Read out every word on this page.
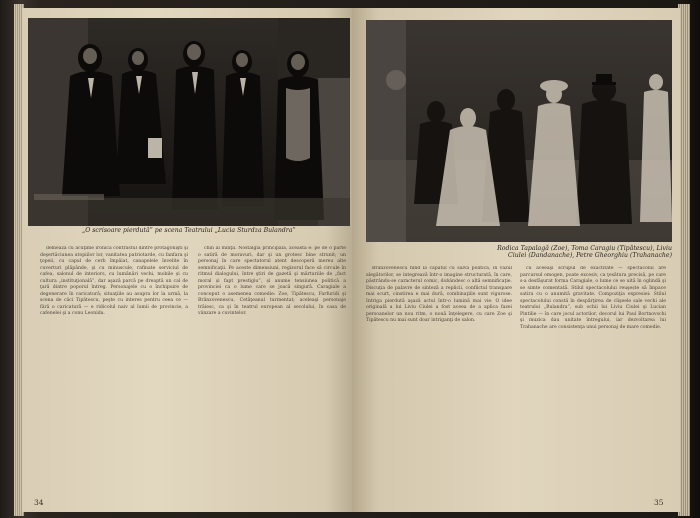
„O scrisoare pierdută” pe scena Teatrului „Lucia Sturdza Bulandra”

demează cu acuţime ironică contrastul dintre protagonişti şi deşertăciunea utopiilor lor, vanitatea patriotarde, cu fanfara şi ţopeii, cu capul de cerb împăiat, canapelele învelite în cuverturi plăpânde, şi cu minuscule, rafinate serviciul de cafea, salonul de interiors, cu lumânări vechi, mobile și cu cultura „instituţională”, dar aşază parcă pe dreaptă un cal de ţară dintre poporul întreg. Personajele cu o închipuire de degenerare în caricatură; situaţiile au asupra lor la urmă, la scena de căci Tipătescu, peşte cu interes pentru ceea ce — fără o caricatură — e ridicolul naiv al lumii de provincie, a cafenelei şi a conu Leonida.

chin al minţii. Nostalgia principală, aceasta e: pe de o parte o satiră de moravuri, dar şi un grotesc bine strunit; un personaj în care spectatorul atent descoperă mereu alte semnificaţii. Pe aceste dimensiuni, regizorul face să circule în ritmul dialogului, între ştiri de gazetă şi mărturiile de „fact moral și fapt prestigiu”, și anume tensiunea politică a provinciei ca o lume care se joacă singură. Caragiale a conceput o asemenea comedie: Zoe, Tipătescu, Farfuridi şi Brânzovenescu, Cetăţeanul turmentat; aceleaşi personaje trăiesc, ca şi în teatrul european al secolului, în casa de vânzare a cuvintelor.

34
Rodica Tapalagă (Zoe), Toma Caragiu (Tipătescu), Liviu Ciulei (Dandanache), Petre Gheorghiu (Trahanache)

Brânzovenescu fiind la capătul cu salva politică, în văzul alegătorilor, se integrează într-o imagine structurată, în care, păstrându-se caracterul comic, dobândesc o altă semnificaţie. Discuţia de palavre de sinteză a replicii, conflictul transpare mai scurt, cinstirea e mai dură, combinaţiile sunt vigurose. Intriga pierdută aşază actul într-o lumină mai vie. O idee originală a lui Liviu Ciulei a fost aceea de a aplica fazei persoanelor un nou ritm, o nouă înţelegere, cu care Zoe şi Tipătescu nu mai sunt doar intriganţi de salon.

cu aceeaşi scrupul de exactitate — spectacolul are parcursul omogen, poate excesiv, ca ţesătura precisă, pe care s-a desfăşurat forma Caragiale, o lume ce se uită în oglindă şi se simte comentată. Stilul spectacolului reuşește să împace satira cu o anumită gravitate. Compoziţia expresiei: Stilul spectacolului constă în despărţirea de clişeele sale vechi ale teatrului „Bulandra”, sub ochii lui Liviu Ciulei şi Lucian Pintilie — în care jocul actorilor, decorul lui Paul Bortnovschi şi muzica dau unitate întregului, iar dezvoltarea lui Trahanache are consistenţa unui personaj de mare comedie.

35
